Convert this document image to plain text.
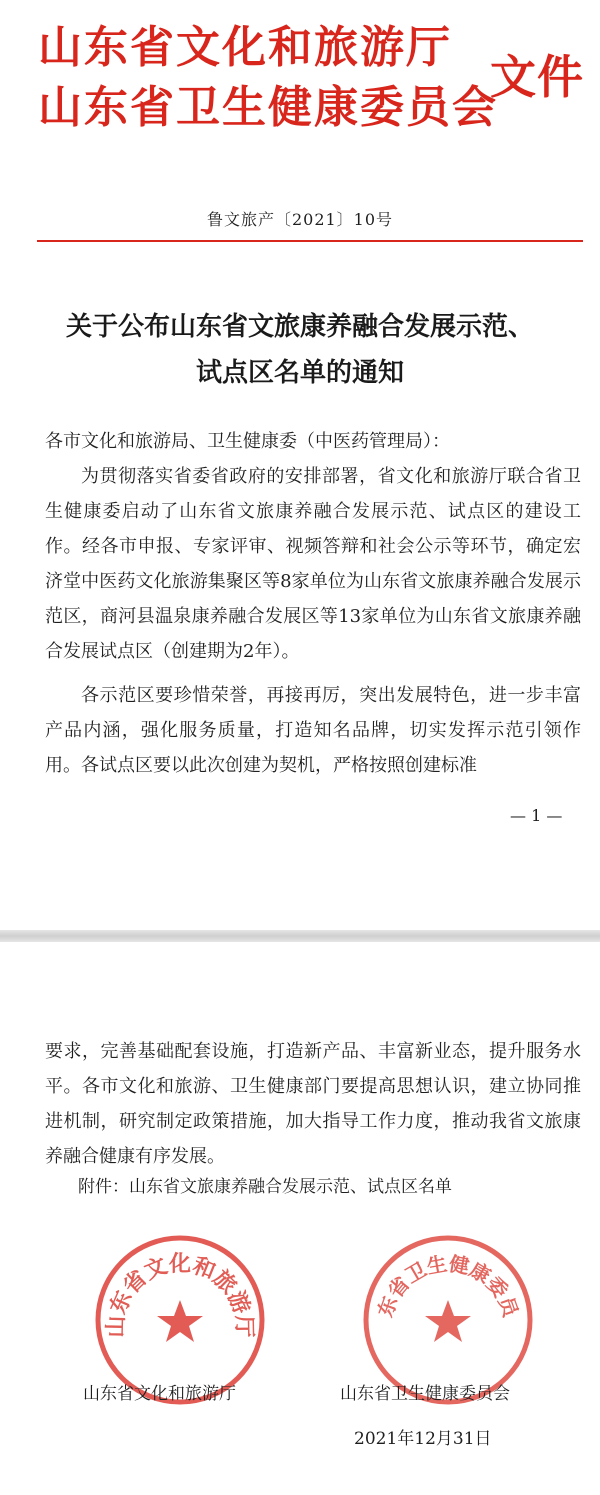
山东省文化和旅游厅
山东省卫生健康委员会
文件
鲁文旅产〔2021〕10号
关于公布山东省文旅康养融合发展示范、
试点区名单的通知
各市文化和旅游局、卫生健康委（中医药管理局）：
为贯彻落实省委省政府的安排部署，省文化和旅游厅联合省卫生健康委启动了山东省文旅康养融合发展示范、试点区的建设工作。经各市申报、专家评审、视频答辩和社会公示等环节，确定宏济堂中医药文化旅游集聚区等8家单位为山东省文旅康养融合发展示范区，商河县温泉康养融合发展区等13家单位为山东省文旅康养融合发展试点区（创建期为2年）。
各示范区要珍惜荣誉，再接再厉，突出发展特色，进一步丰富产品内涵，强化服务质量，打造知名品牌，切实发挥示范引领作用。各试点区要以此次创建为契机，严格按照创建标准
— 1 —
要求，完善基础配套设施，打造新产品、丰富新业态，提升服务水平。各市文化和旅游、卫生健康部门要提高思想认识，建立协同推进机制，研究制定政策措施，加大指导工作力度，推动我省文旅康养融合健康有序发展。
附件：山东省文旅康养融合发展示范、试点区名单
山东省文化和旅游厅
山东省卫生健康委员会
山东省文化和旅游厅	山东省卫生健康委员会
2021年12月31日
